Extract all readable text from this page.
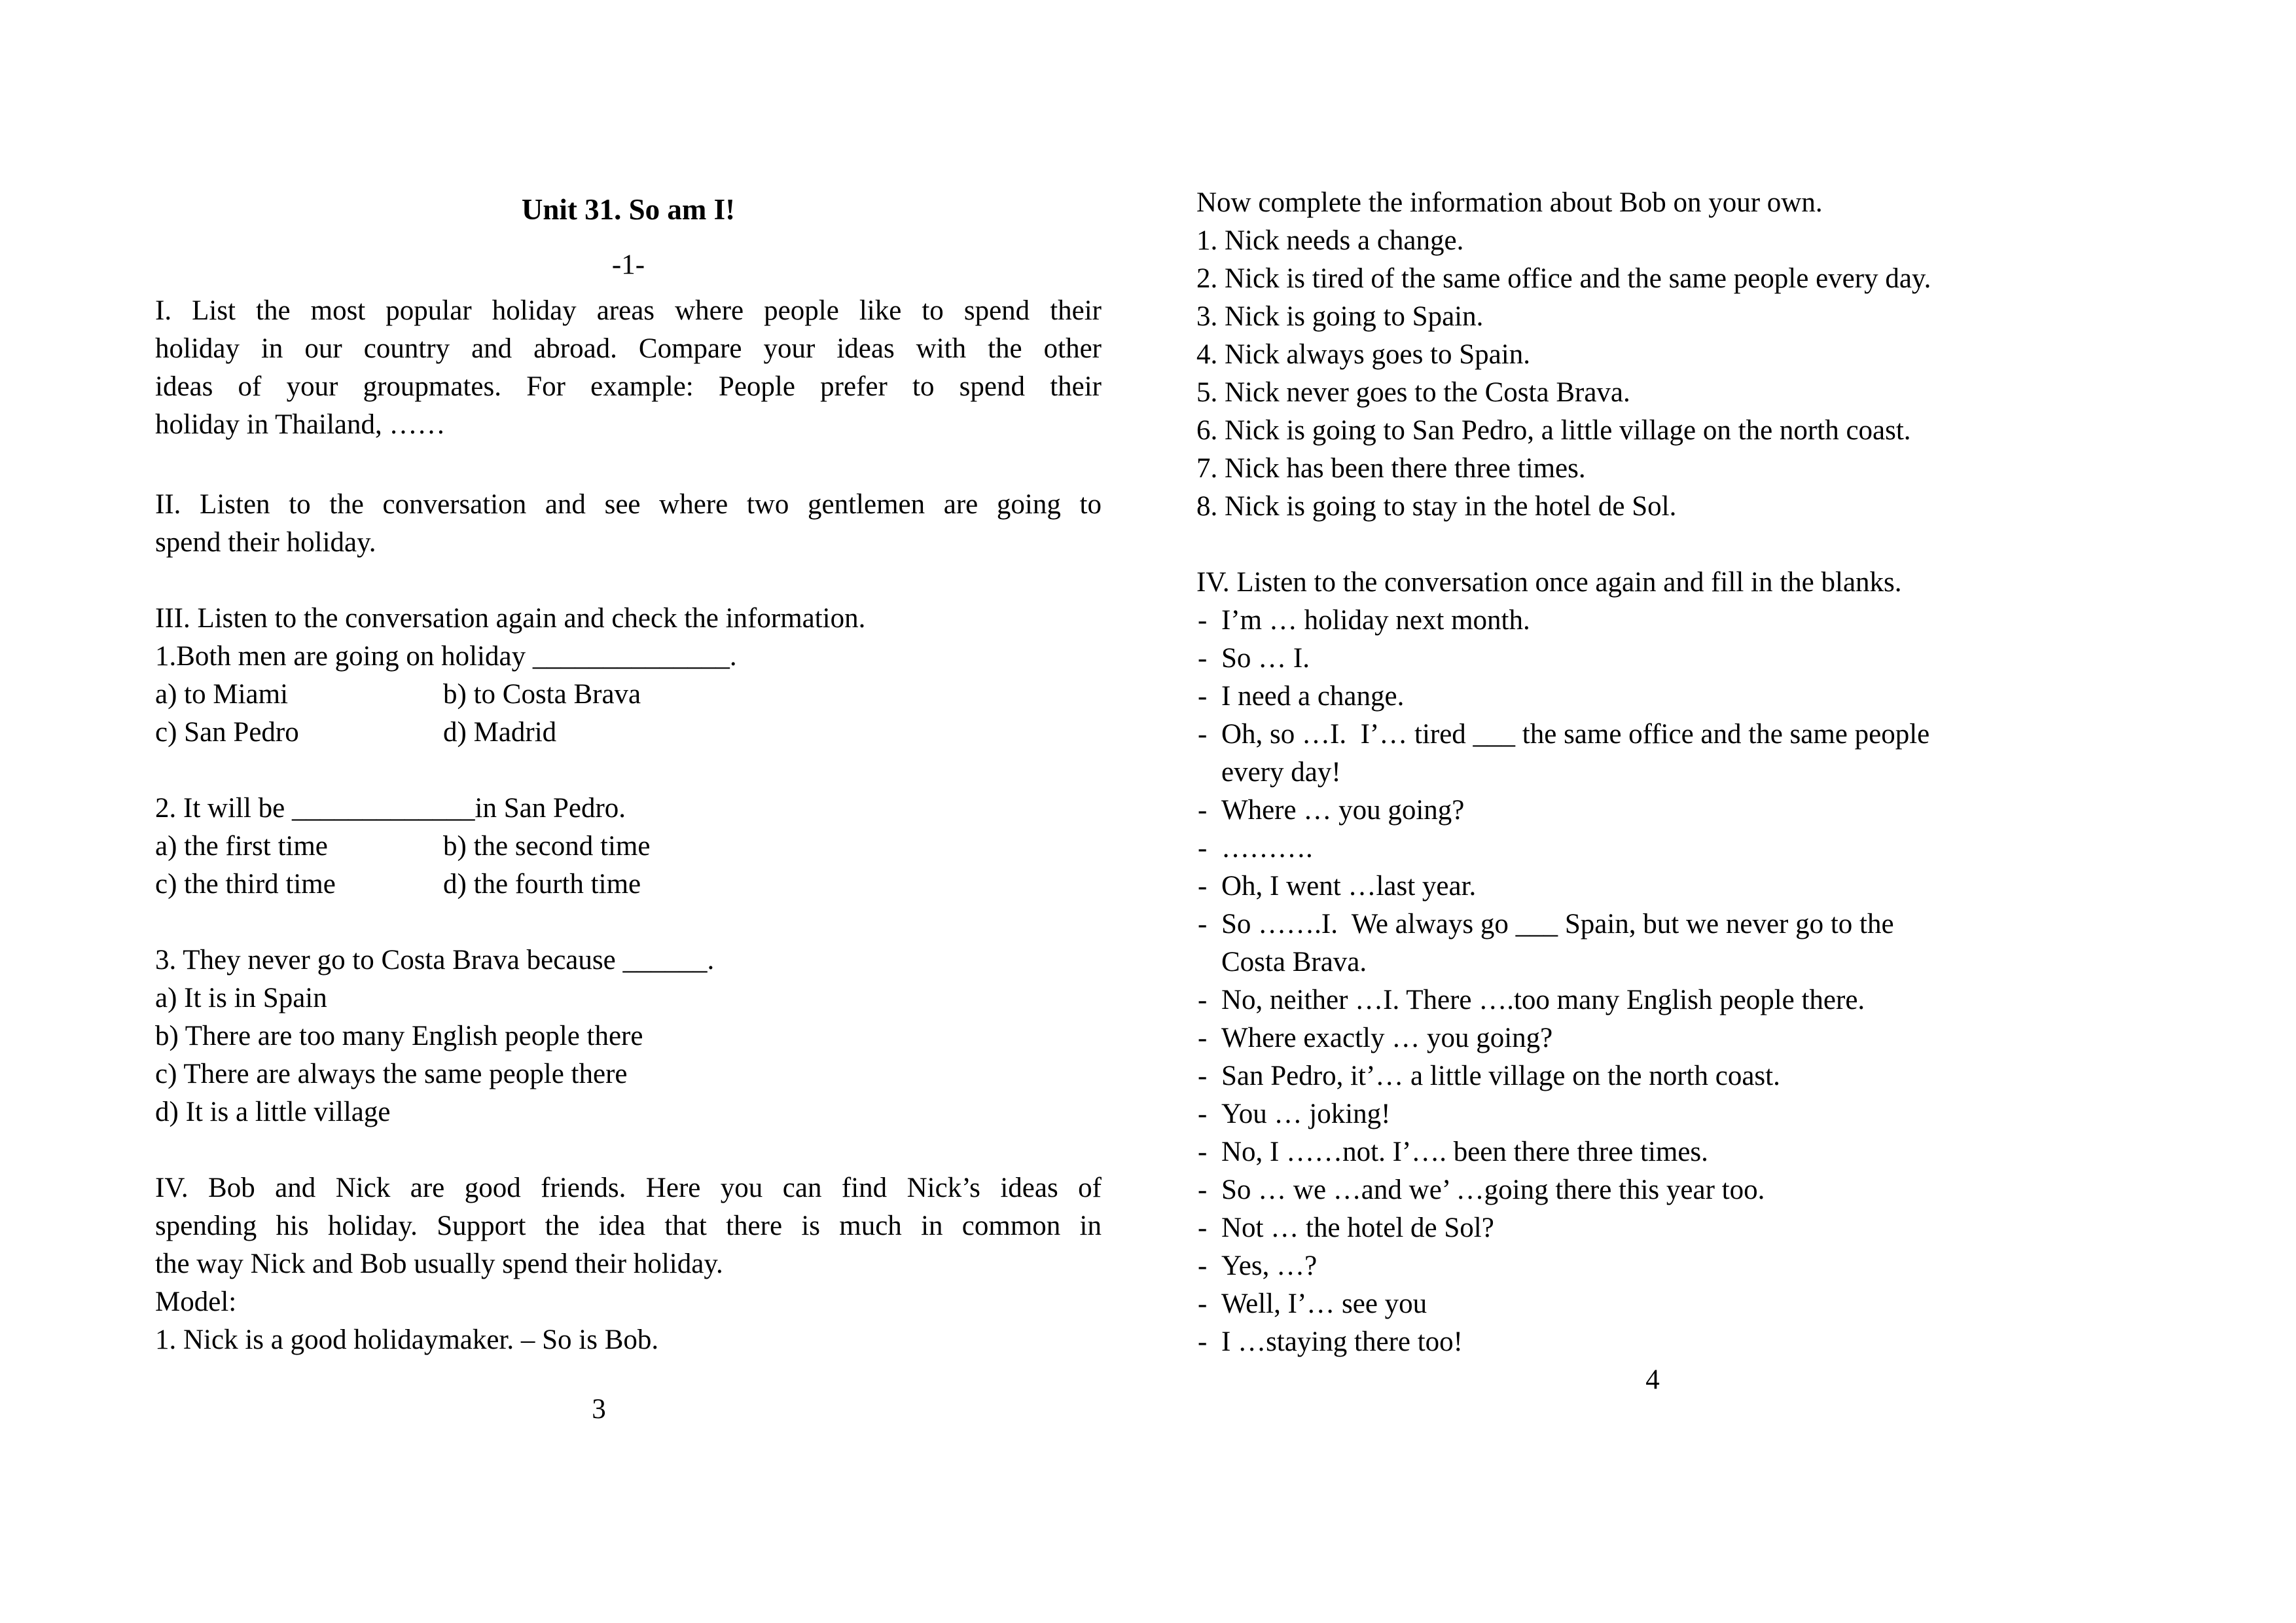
Unit 31. So am I!
-1-
I. List the most popular holiday areas where people like to spend their
holiday in our country and abroad. Compare your ideas with the other
ideas of your groupmates. For example: People prefer to spend their
holiday in Thailand, ……
II. Listen to the conversation and see where two gentlemen are going to
spend their holiday.
III. Listen to the conversation again and check the information.
1.Both men are going on holiday ______________.
a) to Miami	b) to Costa Brava
c) San Pedro	d) Madrid
2. It will be _____________in San Pedro.
a) the first time	b) the second time
c) the third time	d) the fourth time
3. They never go to Costa Brava because ______.
a) It is in Spain
b) There are too many English people there
c) There are always the same people there
d) It is a little village
IV. Bob and Nick are good friends. Here you can find Nick’s ideas of
spending his holiday. Support the idea that there is much in common in
the way Nick and Bob usually spend their holiday.
Model:
1. Nick is a good holidaymaker. – So is Bob.
3
Now complete the information about Bob on your own.
1. Nick needs a change.
2. Nick is tired of the same office and the same people every day.
3. Nick is going to Spain.
4. Nick always goes to Spain.
5. Nick never goes to the Costa Brava.
6. Nick is going to San Pedro, a little village on the north coast.
7. Nick has been there three times.
8. Nick is going to stay in the hotel de Sol.
IV. Listen to the conversation once again and fill in the blanks.
- I’m … holiday next month.
- So … I.
- I need a change.
- Oh, so …I.  I’… tired ___ the same office and the same people
every day!
- Where … you going?
- ……….
- Oh, I went …last year.
- So …….I.  We always go ___ Spain, but we never go to the
Costa Brava.
- No, neither …I. There ….too many English people there.
- Where exactly … you going?
- San Pedro, it’… a little village on the north coast.
- You … joking!
- No, I ……not. I’…. been there three times.
- So … we …and we’ …going there this year too.
- Not … the hotel de Sol?
- Yes, …?
- Well, I’… see you
- I …staying there too!
4
